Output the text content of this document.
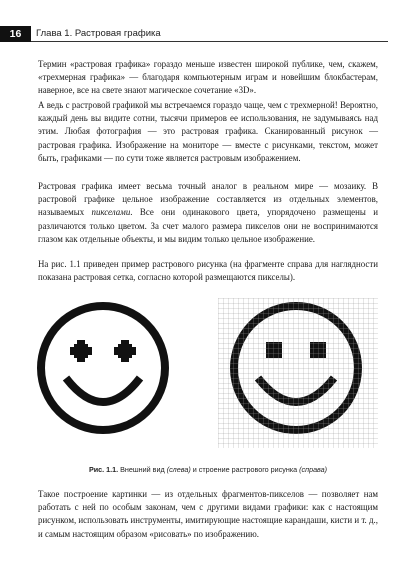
16	Глава 1. Растровая графика

Термин «растровая графика» гораздо меньше известен широкой публике, чем, скажем, «трехмерная графика» — благодаря компьютерным играм и новейшим блокбастерам, наверное, все на свете знают магическое сочетание «3D».

А ведь с растровой графикой мы встречаемся гораздо чаще, чем с трехмерной! Вероятно, каждый день вы видите сотни, тысячи примеров ее использования, не задумываясь над этим. Любая фотография — это растровая графика. Сканированный рисунок — растровая графика. Изображение на мониторе — вместе с рисунками, текстом, может быть, графиками — по сути тоже является растровым изображением.

Растровая графика имеет весьма точный аналог в реальном мире — мозаику. В растровой графике цельное изображение составляется из отдельных элементов, называемых пикселами. Все они одинакового цвета, упорядочено размещены и различаются только цветом. За счет малого размера пикселов они не воспринимаются глазом как отдельные объекты, и мы видим только цельное изображение.

На рис. 1.1 приведен пример растрового рисунка (на фрагменте справа для наглядности показана растровая сетка, согласно которой размещаются пикселы).

Рис. 1.1. Внешний вид (слева) и строение растрового рисунка (справа)

Такое построение картинки — из отдельных фрагментов-пикселов — позволяет нам работать с ней по особым законам, чем с другими видами графики: как с настоящим рисунком, использовать инструменты, имитирующие настоящие карандаши, кисти и т. д., и самым настоящим образом «рисовать» по изображению.
